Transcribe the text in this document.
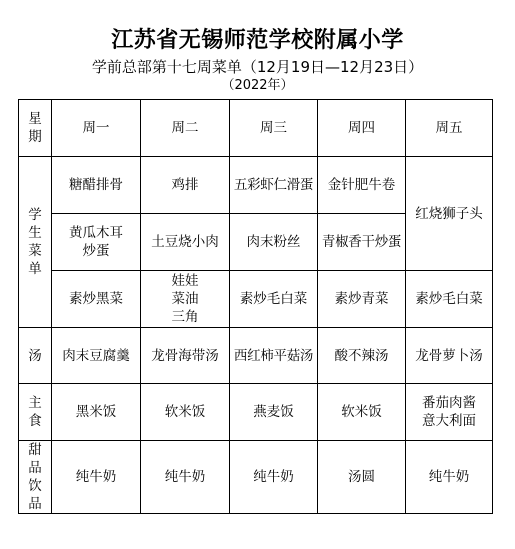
江苏省无锡师范学校附属小学
学前总部第十七周菜单（12月19日—12月23日）
（2022年）
星期	周一	周二	周三	周四	周五
学生菜单	糖醋排骨	鸡排	五彩虾仁滑蛋	金针肥牛卷	红烧狮子头
	黄瓜木耳炒蛋	土豆烧小肉	肉末粉丝	青椒香干炒蛋	
	素炒黑菜	娃娃菜油三角	素炒毛白菜	素炒青菜	素炒毛白菜
汤	肉末豆腐羹	龙骨海带汤	西红柿平菇汤	酸不辣汤	龙骨萝卜汤
主食	黑米饭	软米饭	燕麦饭	软米饭	番茄肉酱意大利面
甜品饮品	纯牛奶	纯牛奶	纯牛奶	汤圆	纯牛奶
